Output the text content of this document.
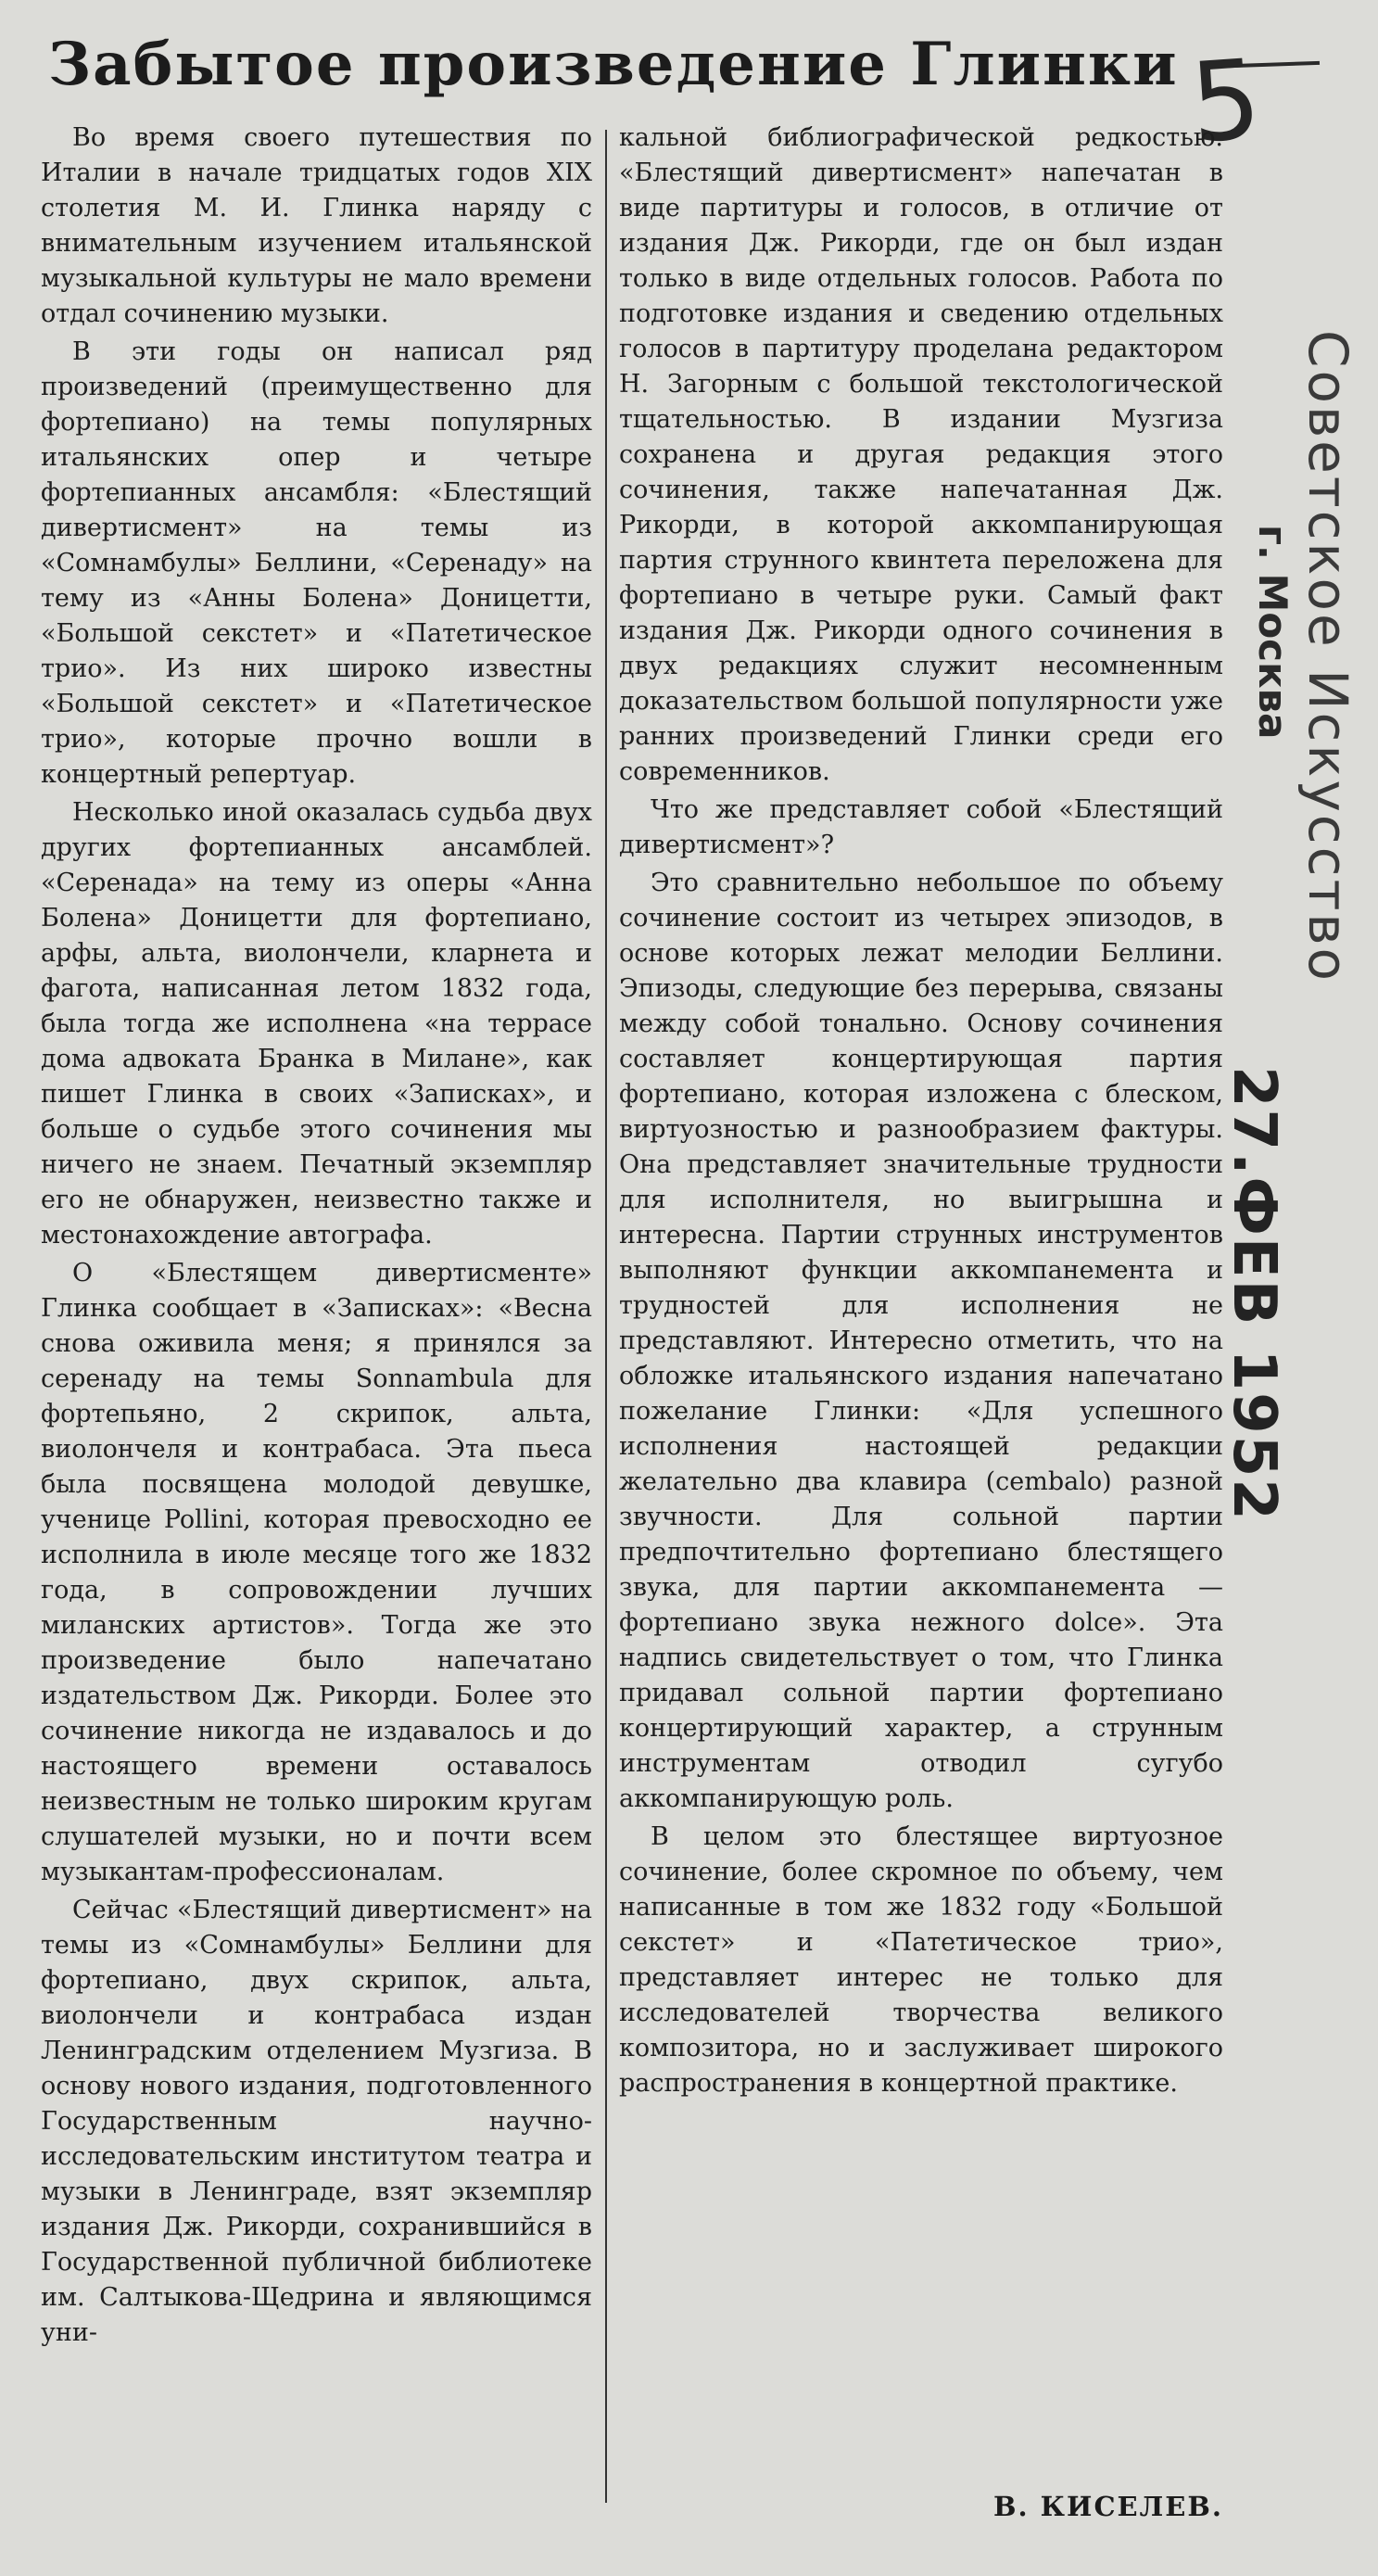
Забытое произведение Глинки 5

Во время своего путешествия по Италии в начале тридцатых годов XIX столетия М. И. Глинка наряду с внимательным изучением итальянской музыкальной культуры не мало времени отдал сочинению музыки.

В эти годы он написал ряд произведений (преимущественно для фортепиано) на темы популярных итальянских опер и четыре фортепианных ансамбля: «Блестящий дивертисмент» на темы из «Сомнамбулы» Беллини, «Серенаду» на тему из «Анны Болена» Доницетти, «Большой секстет» и «Патетическое трио». Из них широко известны «Большой секстет» и «Патетическое трио», которые прочно вошли в концертный репертуар.

Несколько иной оказалась судьба двух других фортепианных ансамблей. «Серенада» на тему из оперы «Анна Болена» Доницетти для фортепиано, арфы, альта, виолончели, кларнета и фагота, написанная летом 1832 года, была тогда же исполнена «на террасе дома адвоката Бранка в Милане», как пишет Глинка в своих «Записках», и больше о судьбе этого сочинения мы ничего не знаем. Печатный экземпляр его не обнаружен, неизвестно также и местонахождение автографа.

О «Блестящем дивертисменте» Глинка сообщает в «Записках»: «Весна снова оживила меня; я принялся за серенаду на темы Sonnambula для фортепьяно, 2 скрипок, альта, виолончеля и контрабаса. Эта пьеса была посвящена молодой девушке, ученице Pollini, которая превосходно ее исполнила в июле месяце того же 1832 года, в сопровождении лучших миланских артистов». Тогда же это произведение было напечатано издательством Дж. Рикорди. Более это сочинение никогда не издавалось и до настоящего времени оставалось неизвестным не только широким кругам слушателей музыки, но и почти всем музыкантам-профессионалам.

Сейчас «Блестящий дивертисмент» на темы из «Сомнамбулы» Беллини для фортепиано, двух скрипок, альта, виолончели и контрабаса издан Ленинградским отделением Музгиза. В основу нового издания, подготовленного Государственным научно-исследовательским институтом театра и музыки в Ленинграде, взят экземпляр издания Дж. Рикорди, сохранившийся в Государственной публичной библиотеке им. Салтыкова-Щедрина и являющимся уни-

кальной библиографической редкостью. «Блестящий дивертисмент» напечатан в виде партитуры и голосов, в отличие от издания Дж. Рикорди, где он был издан только в виде отдельных голосов. Работа по подготовке издания и сведению отдельных голосов в партитуру проделана редактором Н. Загорным с большой текстологической тщательностью. В издании Музгиза сохранена и другая редакция этого сочинения, также напечатанная Дж. Рикорди, в которой аккомпанирующая партия струнного квинтета переложена для фортепиано в четыре руки. Самый факт издания Дж. Рикорди одного сочинения в двух редакциях служит несомненным доказательством большой популярности уже ранних произведений Глинки среди его современников.

Что же представляет собой «Блестящий дивертисмент»?

Это сравнительно небольшое по объему сочинение состоит из четырех эпизодов, в основе которых лежат мелодии Беллини. Эпизоды, следующие без перерыва, связаны между собой тонально. Основу сочинения составляет концертирующая партия фортепиано, которая изложена с блеском, виртуозностью и разнообразием фактуры. Она представляет значительные трудности для исполнителя, но выигрышна и интересна. Партии струнных инструментов выполняют функции аккомпанемента и трудностей для исполнения не представляют. Интересно отметить, что на обложке итальянского издания напечатано пожелание Глинки: «Для успешного исполнения настоящей редакции желательно два клавира (cembalo) разной звучности. Для сольной партии предпочтительно фортепиано блестящего звука, для партии аккомпанемента — фортепиано звука нежного dolce». Эта надпись свидетельствует о том, что Глинка придавал сольной партии фортепиано концертирующий характер, а струнным инструментам отводил сугубо аккомпанирующую роль.

В целом это блестящее виртуозное сочинение, более скромное по объему, чем написанные в том же 1832 году «Большой секстет» и «Патетическое трио», представляет интерес не только для исследователей творчества великого композитора, но и заслуживает широкого распространения в концертной практике.

В. КИСЕЛЕВ.
Советское Искусство
г. Москва
27.ФЕВ 1952
